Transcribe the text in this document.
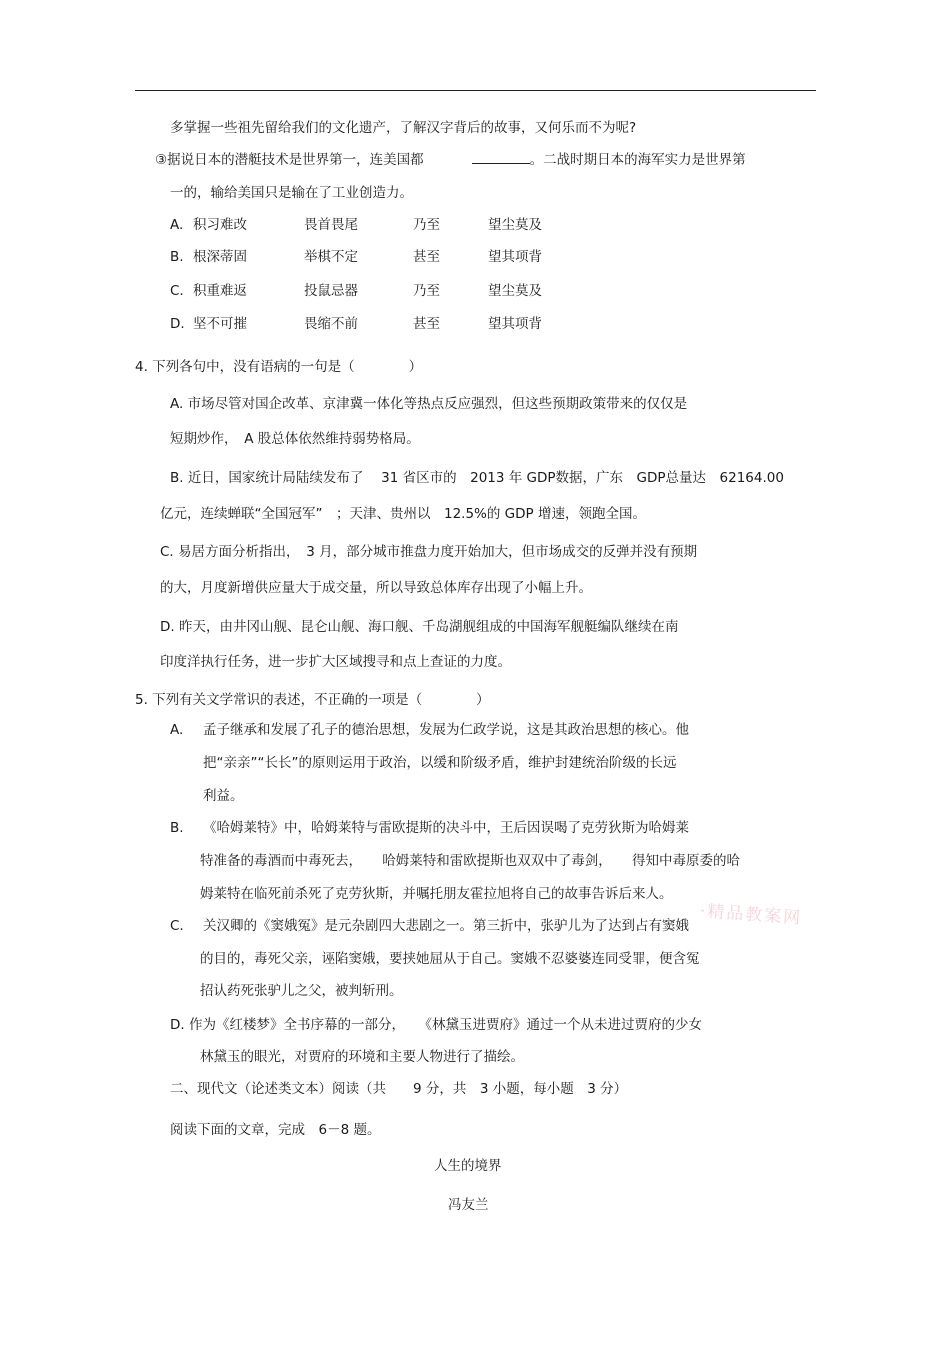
多掌握一些祖先留给我们的文化遗产，了解汉字背后的故事，又何乐而不为呢?
③据说日本的潜艇技术是世界第一，连美国都	。二战时期日本的海军实力是世界第
一的，输给美国只是输在了工业创造力。
A. 积习难改	畏首畏尾	乃至	望尘莫及
B. 根深蒂固	举棋不定	甚至	望其项背
C. 积重难返	投鼠忌器	乃至	望尘莫及
D. 坚不可摧	畏缩不前	甚至	望其项背
4. 下列各句中，没有语病的一句是（　　　　）
A. 市场尽管对国企改革、京津冀一体化等热点反应强烈，但这些预期政策带来的仅仅是
短期炒作，　A 股总体依然维持弱势格局。
B. 近日，国家统计局陆续发布了　 31 省区市的　2013 年 GDP数据，广东　GDP总量达　62164.00
亿元，连续蝉联“全国冠军”　；天津、贵州以　12.5%的 GDP 增速，领跑全国。
C. 易居方面分析指出，　3 月，部分城市推盘力度开始加大，但市场成交的反弹并没有预期
的大，月度新增供应量大于成交量，所以导致总体库存出现了小幅上升。
D. 昨天，由井冈山舰、昆仑山舰、海口舰、千岛湖舰组成的中国海军舰艇编队继续在南
印度洋执行任务，进一步扩大区域搜寻和点上查证的力度。
5. 下列有关文学常识的表述，不正确的一项是（　　　　）
A. 孟子继承和发展了孔子的德治思想，发展为仁政学说，这是其政治思想的核心。他
把“亲亲”“长长”的原则运用于政治，以缓和阶级矛盾，维护封建统治阶级的长远
利益。
B. 《哈姆莱特》中，哈姆莱特与雷欧提斯的决斗中，王后因误喝了克劳狄斯为哈姆莱
特准备的毒酒而中毒死去，　　哈姆莱特和雷欧提斯也双双中了毒剑，　　得知中毒原委的哈
姆莱特在临死前杀死了克劳狄斯，并嘱托朋友霍拉旭将自己的故事告诉后来人。
C. 关汉卿的《窦娥冤》是元杂剧四大悲剧之一。第三折中，张驴儿为了达到占有窦娥
的目的，毒死父亲，诬陷窦娥，要挟她屈从于自己。窦娥不忍婆婆连同受罪，便含冤
招认药死张驴儿之父，被判斩刑。
D. 作为《红楼梦》全书序幕的一部分，　　《林黛玉进贾府》通过一个从未进过贾府的少女
林黛玉的眼光，对贾府的环境和主要人物进行了描绘。
二、现代文（论述类文本）阅读（共　　9 分，共　3 小题，每小题　3 分）
阅读下面的文章，完成　6－8 题。
人生的境界
冯友兰
·精品教案网
